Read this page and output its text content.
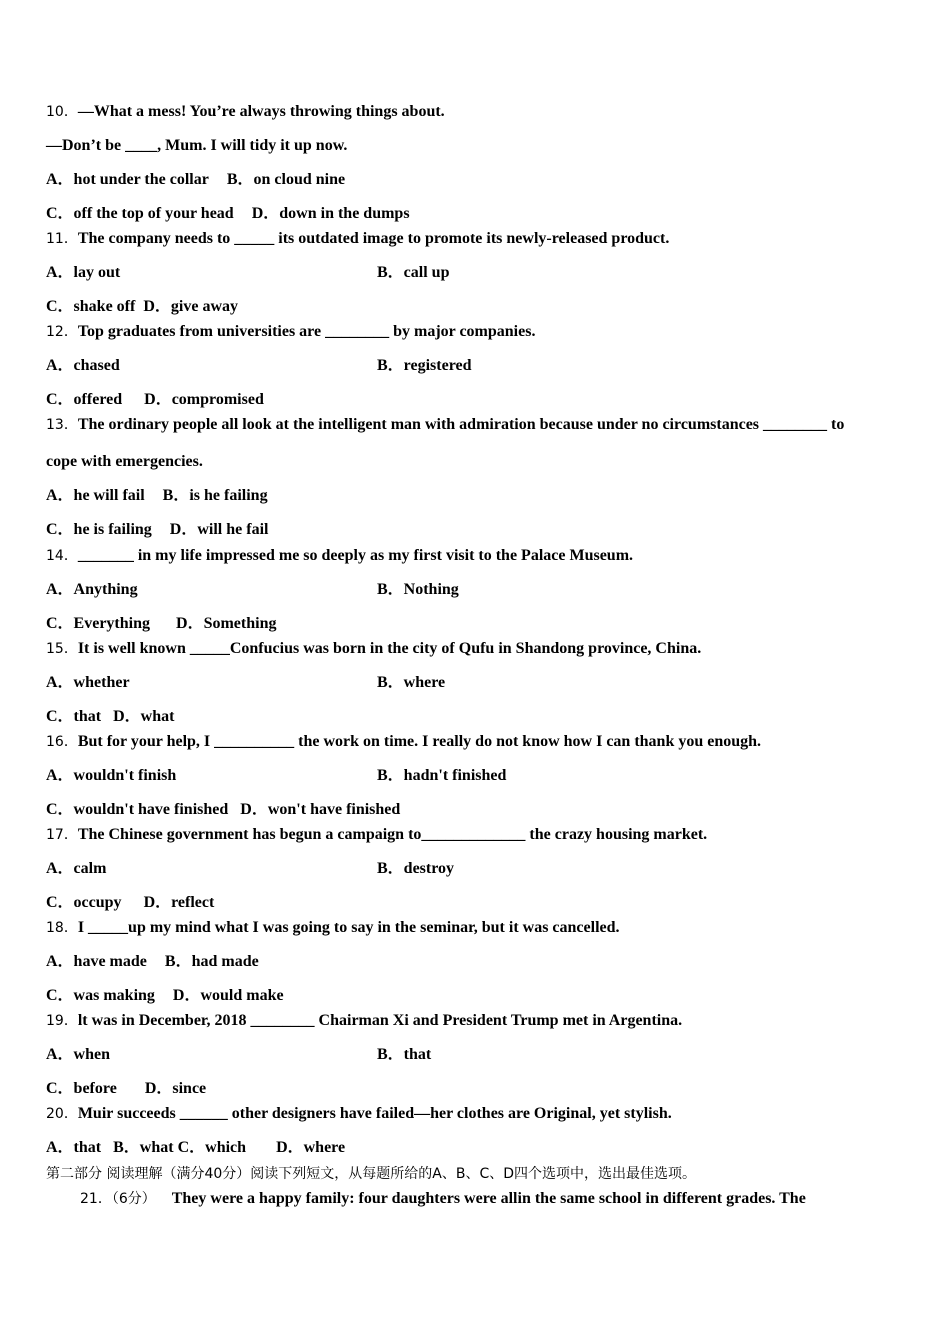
10．—What a mess! You’re always throwing things about.
—Don’t be ____, Mum. I will tidy it up now.
A．hot under the collar B．on cloud nine
C．off the top of your head D．down in the dumps
11．The company needs to _____ its outdated image to promote its newly-released product.
A．lay out	B．call up
C．shake off D．give away
12．Top graduates from universities are ________ by major companies.
A．chased	B．registered
C．offered D．compromised
13．The ordinary people all look at the intelligent man with admiration because under no circumstances ________ to
cope with emergencies.
A．he will fail B．is he failing
C．he is failing D．will he fail
14．_______ in my life impressed me so deeply as my first visit to the Palace Museum.
A．Anything	B．Nothing
C．Everything D．Something
15．It is well known _____Confucius was born in the city of Qufu in Shandong province, China.
A．whether	B．where
C．that D．what
16．But for your help, I __________ the work on time. I really do not know how I can thank you enough.
A．wouldn't finish	B．hadn't finished
C．wouldn't have finished D．won't have finished
17．The Chinese government has begun a campaign to_____________ the crazy housing market.
A．calm	B．destroy
C．occupy D．reflect
18．I _____up my mind what I was going to say in the seminar, but it was cancelled.
A．have made B．had made
C．was making D．would make
19．lt was in December, 2018 ________ Chairman Xi and President Trump met in Argentina.
A．when	B．that
C．before D．since
20．Muir succeeds ______ other designers have failed—her clothes are Original, yet stylish.
A．that B．what C．which D．where
第二部分 阅读理解（满分40分）阅读下列短文，从每题所给的A、B、C、D四个选项中，选出最佳选项。
21．（6分） They were a happy family: four daughters were allin the same school in different grades. The
